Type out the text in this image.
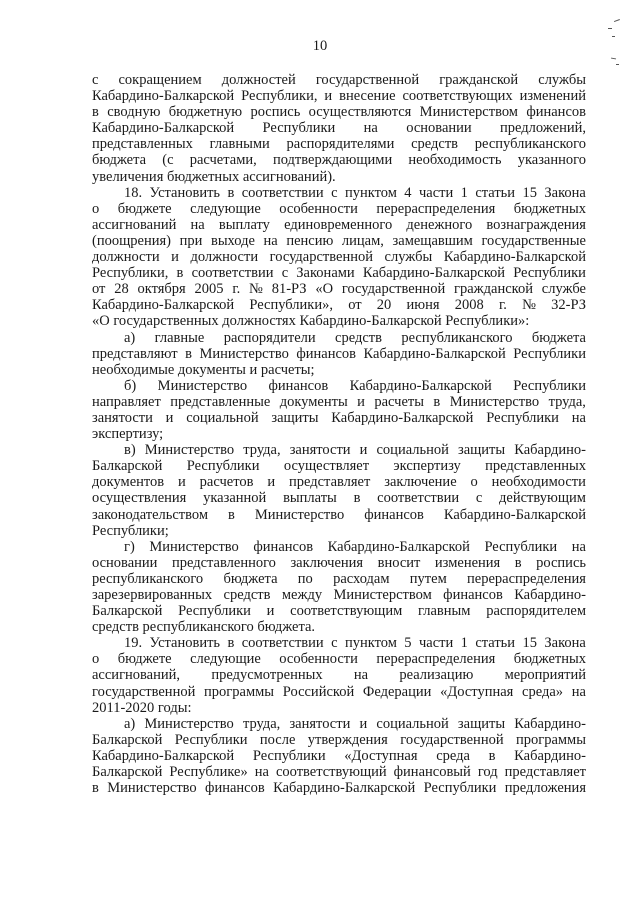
10
с сокращением должностей государственной гражданской службы
Кабардино-Балкарской Республики, и внесение соответствующих изменений
в сводную бюджетную роспись осуществляются Министерством финансов
Кабардино-Балкарской Республики на основании предложений,
представленных главными распорядителями средств республиканского
бюджета (с расчетами, подтверждающими необходимость указанного
увеличения бюджетных ассигнований).
18. Установить в соответствии с пунктом 4 части 1 статьи 15 Закона
о бюджете следующие особенности перераспределения бюджетных
ассигнований на выплату единовременного денежного вознаграждения
(поощрения) при выходе на пенсию лицам, замещавшим государственные
должности и должности государственной службы Кабардино-Балкарской
Республики, в соответствии с Законами Кабардино-Балкарской Республики
от 28 октября 2005 г. № 81-РЗ «О государственной гражданской службе
Кабардино-Балкарской Республики», от 20 июня 2008 г. № 32-РЗ
«О государственных должностях Кабардино-Балкарской Республики»:
а) главные распорядители средств республиканского бюджета
представляют в Министерство финансов Кабардино-Балкарской Республики
необходимые документы и расчеты;
б) Министерство финансов Кабардино-Балкарской Республики
направляет представленные документы и расчеты в Министерство труда,
занятости и социальной защиты Кабардино-Балкарской Республики на
экспертизу;
в) Министерство труда, занятости и социальной защиты Кабардино-
Балкарской Республики осуществляет экспертизу представленных
документов и расчетов и представляет заключение о необходимости
осуществления указанной выплаты в соответствии с действующим
законодательством в Министерство финансов Кабардино-Балкарской
Республики;
г) Министерство финансов Кабардино-Балкарской Республики на
основании представленного заключения вносит изменения в роспись
республиканского бюджета по расходам путем перераспределения
зарезервированных средств между Министерством финансов Кабардино-
Балкарской Республики и соответствующим главным распорядителем
средств республиканского бюджета.
19. Установить в соответствии с пунктом 5 части 1 статьи 15 Закона
о бюджете следующие особенности перераспределения бюджетных
ассигнований, предусмотренных на реализацию мероприятий
государственной программы Российской Федерации «Доступная среда» на
2011-2020 годы:
а) Министерство труда, занятости и социальной защиты Кабардино-
Балкарской Республики после утверждения государственной программы
Кабардино-Балкарской Республики «Доступная среда в Кабардино-
Балкарской Республике» на соответствующий финансовый год представляет
в Министерство финансов Кабардино-Балкарской Республики предложения
